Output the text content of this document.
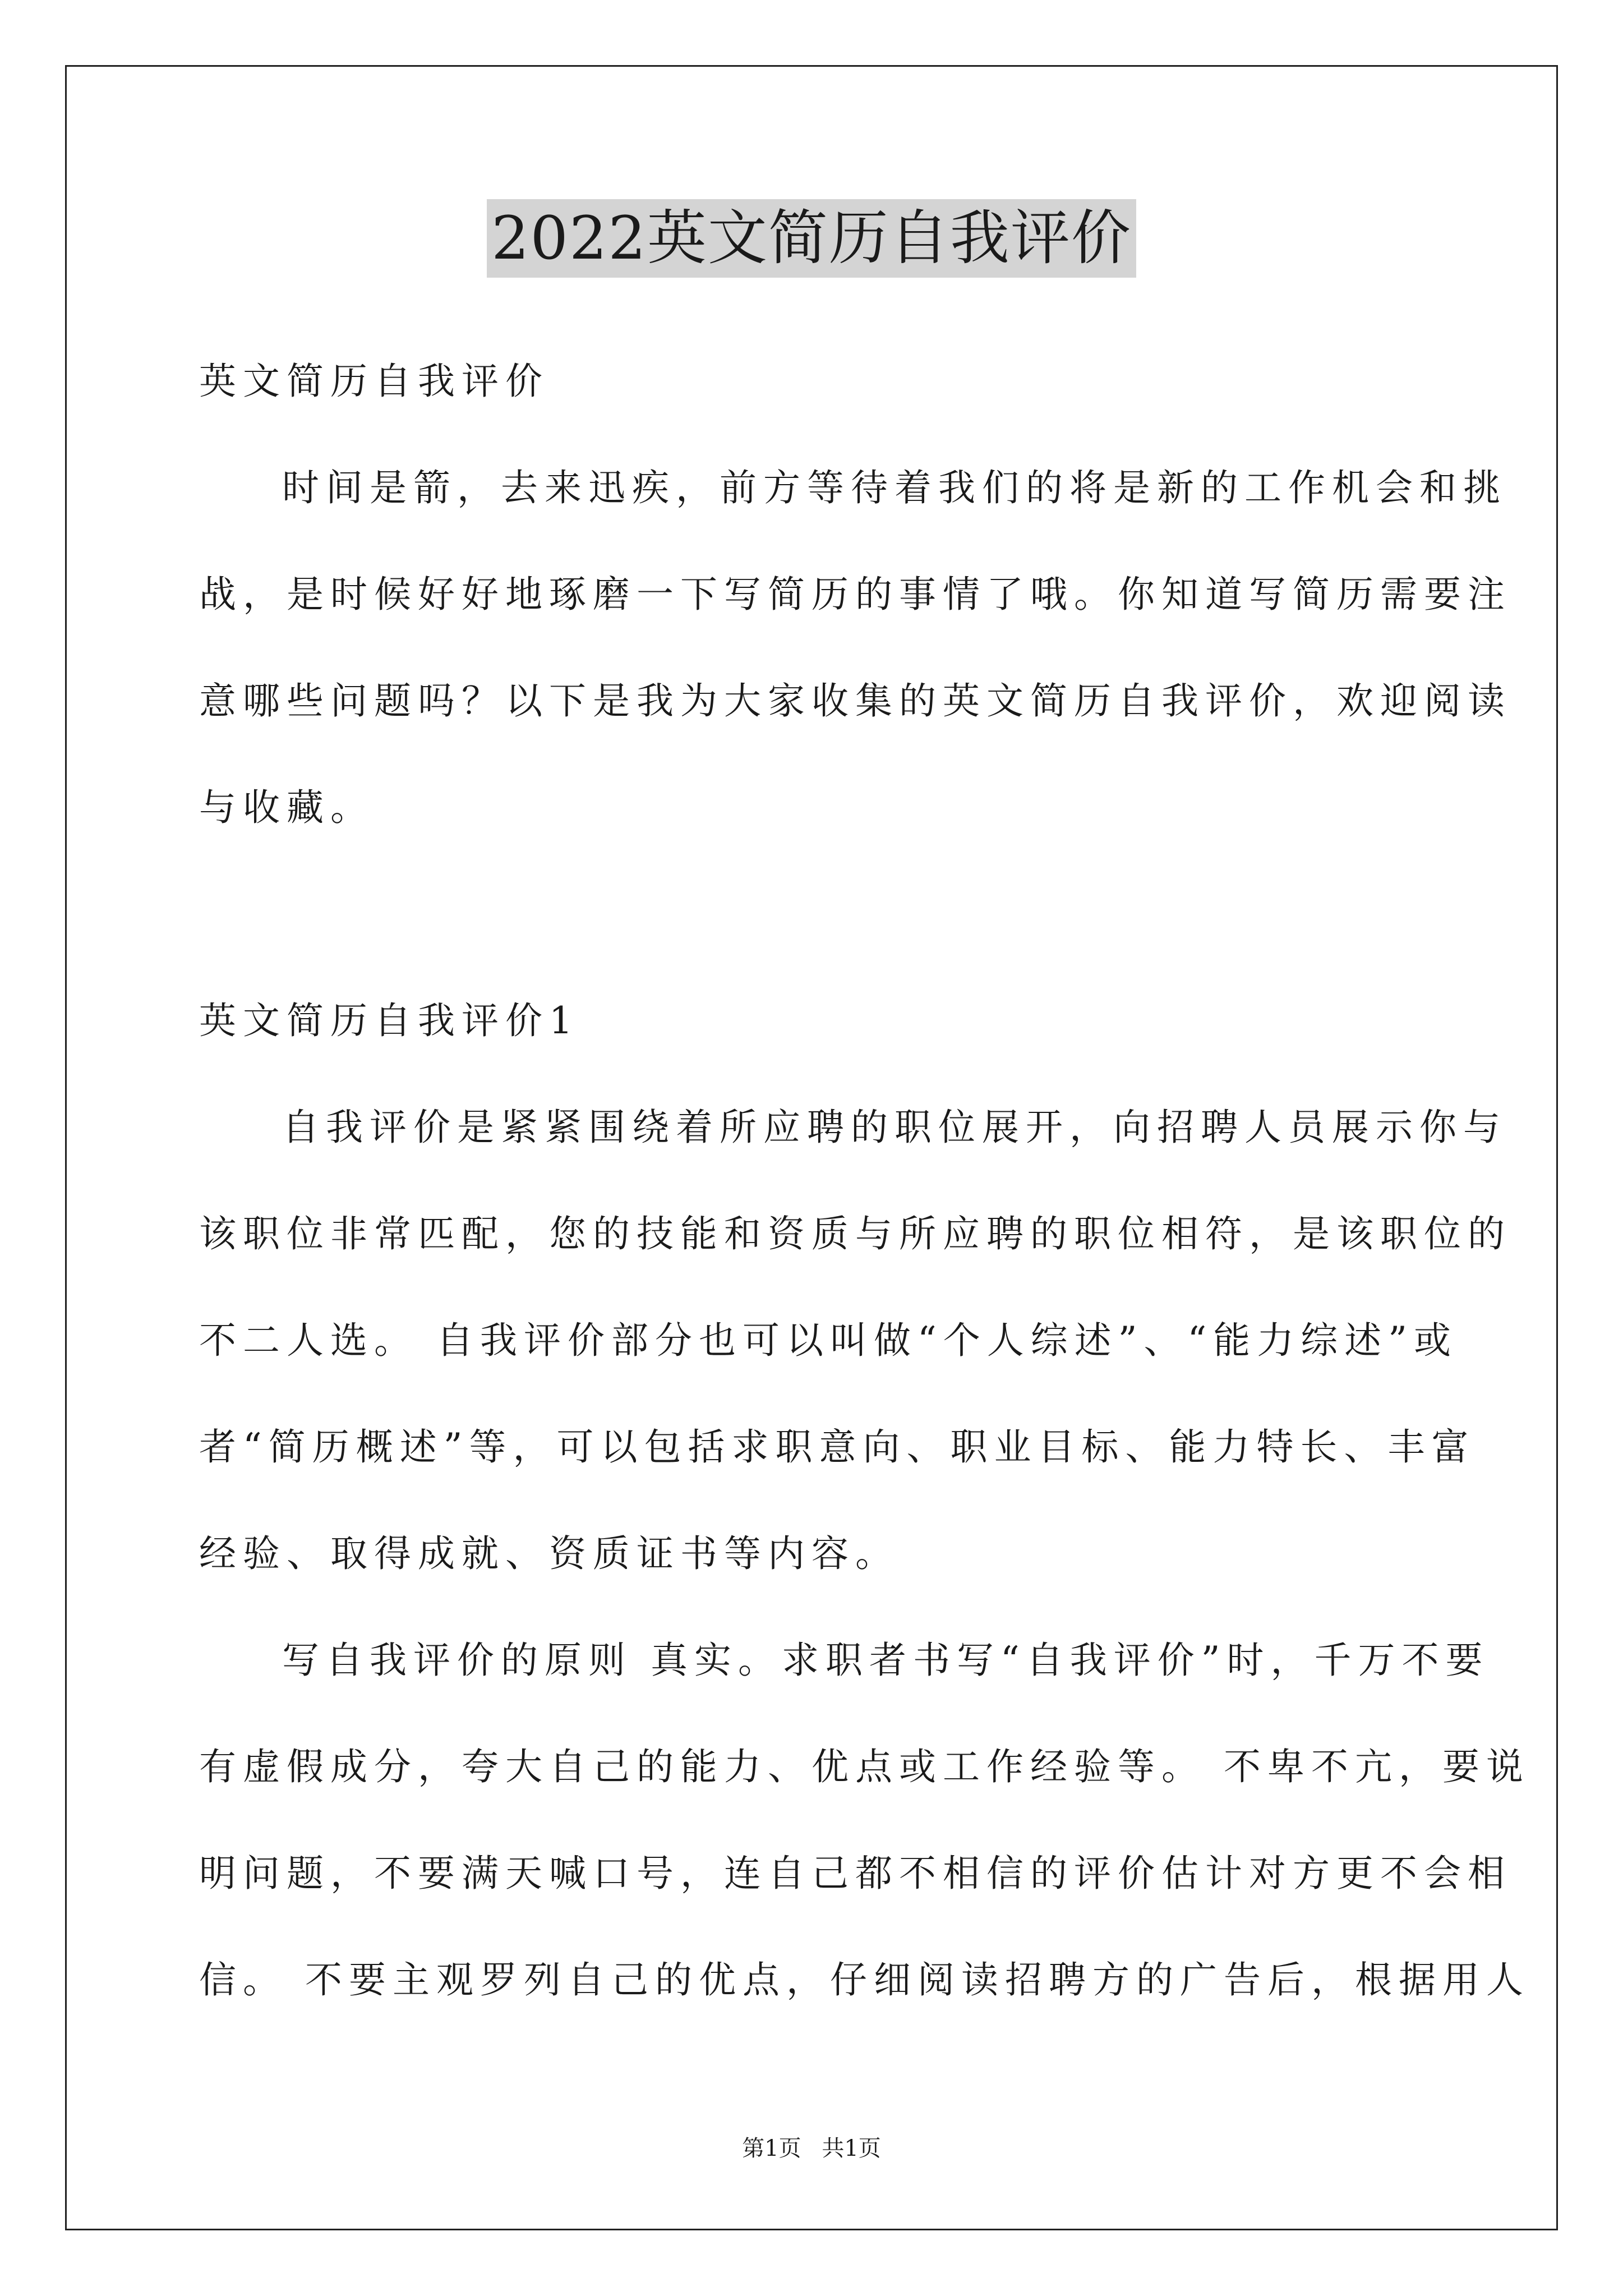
2022英文简历自我评价
英文简历自我评价
时间是箭，去来迅疾，前方等待着我们的将是新的工作机会和挑
战，是时候好好地琢磨一下写简历的事情了哦。你知道写简历需要注
意哪些问题吗？以下是我为大家收集的英文简历自我评价，欢迎阅读
与收藏。
英文简历自我评价1
自我评价是紧紧围绕着所应聘的职位展开，向招聘人员展示你与
该职位非常匹配，您的技能和资质与所应聘的职位相符，是该职位的
不二人选。 自我评价部分也可以叫做“个人综述”、“能力综述”或
者“简历概述”等，可以包括求职意向、职业目标、能力特长、丰富
经验、取得成就、资质证书等内容。
写自我评价的原则 真实。求职者书写“自我评价”时，千万不要
有虚假成分，夸大自己的能力、优点或工作经验等。 不卑不亢，要说
明问题，不要满天喊口号，连自己都不相信的评价估计对方更不会相
信。 不要主观罗列自己的优点，仔细阅读招聘方的广告后，根据用人
第1页 共1页
